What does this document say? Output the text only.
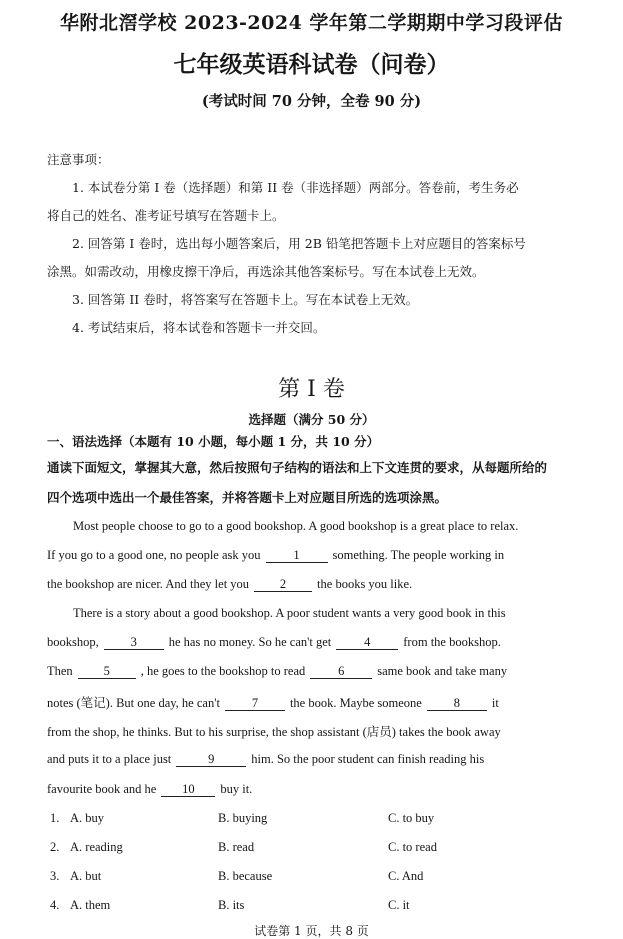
华附北滘学校 2023-2024 学年第二学期期中学习段评估
七年级英语科试卷（问卷）
(考试时间 70 分钟，全卷 90 分)
注意事项：
1. 本试卷分第 I 卷（选择题）和第 II 卷（非选择题）两部分。答卷前，考生务必
将自己的姓名、准考证号填写在答题卡上。
2. 回答第 I 卷时，选出每小题答案后，用 2B 铅笔把答题卡上对应题目的答案标号
涂黑。如需改动，用橡皮擦干净后，再选涂其他答案标号。写在本试卷上无效。
3. 回答第 II 卷时，将答案写在答题卡上。写在本试卷上无效。
4. 考试结束后，将本试卷和答题卡一并交回。
第 I 卷
选择题（满分 50 分）
一、语法选择（本题有 10 小题，每小题 1 分，共 10 分）
通读下面短文，掌握其大意，然后按照句子结构的语法和上下文连贯的要求，从每题所给的
四个选项中选出一个最佳答案，并将答题卡上对应题目所选的选项涂黑。
Most people choose to go to a good bookshop. A good bookshop is a great place to relax.
If you go to a good one, no people ask you	1	something. The people working in
the bookshop are nicer. And they let you 2 the books you like.
There is a story about a good bookshop. A poor student wants a very good book in this
bookshop,	3	he has no money. So he can't get	4	from the bookshop.
Then 5 , he goes to the bookshop to read	6	same book and take many
notes (笔记). But one day, he can't	7	the book. Maybe someone	8	it
from the shop, he thinks. But to his surprise, the shop assistant (店员) takes the book away
and puts it to a place just	9	him. So the poor student can finish reading his
favourite book and he 10 buy it.
1. A. buy	B. buying	C. to buy
2. A. reading	B. read	C. to read
3. A. but	B. because	C. And
4. A. them	B. its	C. it
试卷第 1 页，共 8 页
